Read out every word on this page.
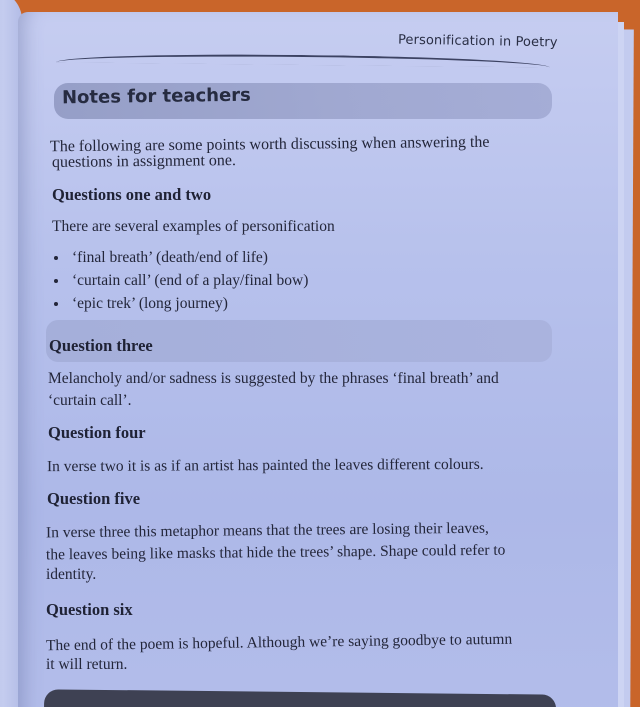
Personification in Poetry
Notes for teachers
The following are some points worth discussing when answering the
questions in assignment one.
Questions one and two
There are several examples of personification
‘final breath’ (death/end of life)
‘curtain call’ (end of a play/final bow)
‘epic trek’ (long journey)
Question three
Melancholy and/or sadness is suggested by the phrases ‘final breath’ and
‘curtain call’.
Question four
In verse two it is as if an artist has painted the leaves different colours.
Question five
In verse three this metaphor means that the trees are losing their leaves,
the leaves being like masks that hide the trees’ shape. Shape could refer to
identity.
Question six
The end of the poem is hopeful. Although we’re saying goodbye to autumn
it will return.
